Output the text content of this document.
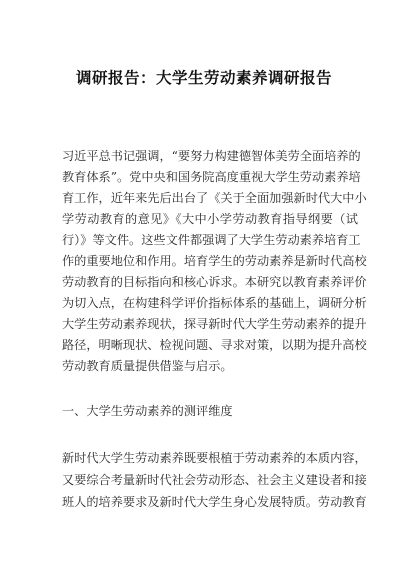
调研报告：大学生劳动素养调研报告
习近平总书记强调，“要努力构建德智体美劳全面培养的
教育体系”。党中央和国务院高度重视大学生劳动素养培
育工作，近年来先后出台了《关于全面加强新时代大中小
学劳动教育的意见》《大中小学劳动教育指导纲要（试
行）》等文件。这些文件都强调了大学生劳动素养培育工
作的重要地位和作用。培育学生的劳动素养是新时代高校
劳动教育的目标指向和核心诉求。本研究以教育素养评价
为切入点，在构建科学评价指标体系的基础上，调研分析
大学生劳动素养现状，探寻新时代大学生劳动素养的提升
路径，明晰现状、检视问题、寻求对策，以期为提升高校
劳动教育质量提供借鉴与启示。
一、大学生劳动素养的测评维度
新时代大学生劳动素养既要根植于劳动素养的本质内容，
又要综合考量新时代社会劳动形态、社会主义建设者和接
班人的培养要求及新时代大学生身心发展特质。劳动教育
